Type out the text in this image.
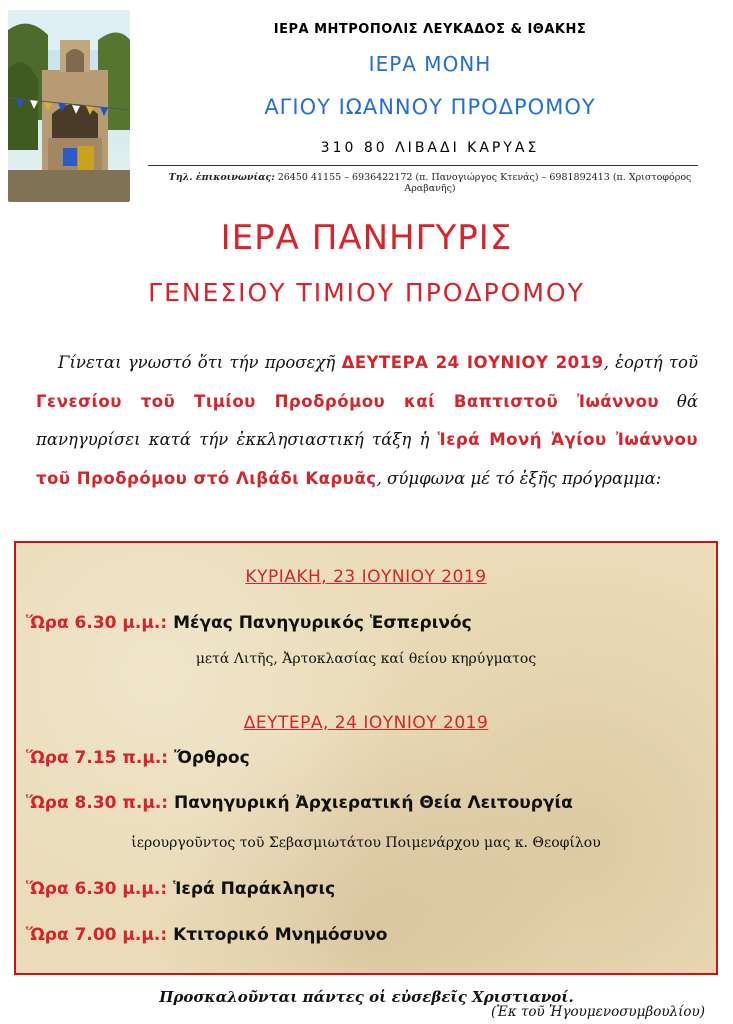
ΙΕΡΑ ΜΗΤΡΟΠΟΛΙΣ ΛΕΥΚΑΔΟΣ & ΙΘΑΚΗΣ
ΙΕΡΑ ΜΟΝΗ
ΑΓΙΟΥ ΙΩΑΝΝΟΥ ΠΡΟΔΡΟΜΟΥ
310 80 ΛΙΒΑΔΙ ΚΑΡΥΑΣ
Τηλ. ἐπικοινωνίας: 26450 41155 – 6936422172 (π. Πανογιώργος Κτενάς) – 6981892413 (π. Χριστοφόρος Αραβανῆς)
ΙΕΡΑ ΠΑΝΗΓΥΡΙΣ
ΓΕΝΕΣΙΟΥ ΤΙΜΙΟΥ ΠΡΟΔΡΟΜΟΥ

Γίνεται γνωστό ὅτι τήν προσεχῆ ΔΕΥΤΕΡΑ 24 ΙΟΥΝΙΟΥ 2019, ἑορτή τοῦ Γενεσίου τοῦ Τιμίου Προδρόμου καί Βαπτιστοῦ Ἰωάννου θά πανηγυρίσει κατά τήν ἐκκλησιαστική τάξη ἡ Ἱερά Μονή Ἁγίου Ἰωάννου τοῦ Προδρόμου στό Λιβάδι Καρυᾶς, σύμφωνα μέ τό ἑξῆς πρόγραμμα:

ΚΥΡΙΑΚΗ, 23 ΙΟΥΝΙΟΥ 2019
Ὥρα 6.30 μ.μ.: Μέγας Πανηγυρικός Ἑσπερινός
μετά Λιτῆς, Ἀρτοκλασίας καί θείου κηρύγματος
ΔΕΥΤΕΡΑ, 24 ΙΟΥΝΙΟΥ 2019
Ὥρα 7.15 π.μ.: Ὄρθρος
Ὥρα 8.30 π.μ.: Πανηγυρική Ἀρχιερατική Θεία Λειτουργία
ἱερουργοῦντος τοῦ Σεβασμιωτάτου Ποιμενάρχου μας κ. Θεοφίλου
Ὥρα 6.30 μ.μ.: Ἱερά Παράκλησις
Ὥρα 7.00 μ.μ.: Κτιτορικό Μνημόσυνο
Προσκαλοῦνται πάντες οἱ εὐσεβεῖς Χριστιανοί.
(Ἐκ τοῦ Ἡγουμενοσυμβουλίου)
